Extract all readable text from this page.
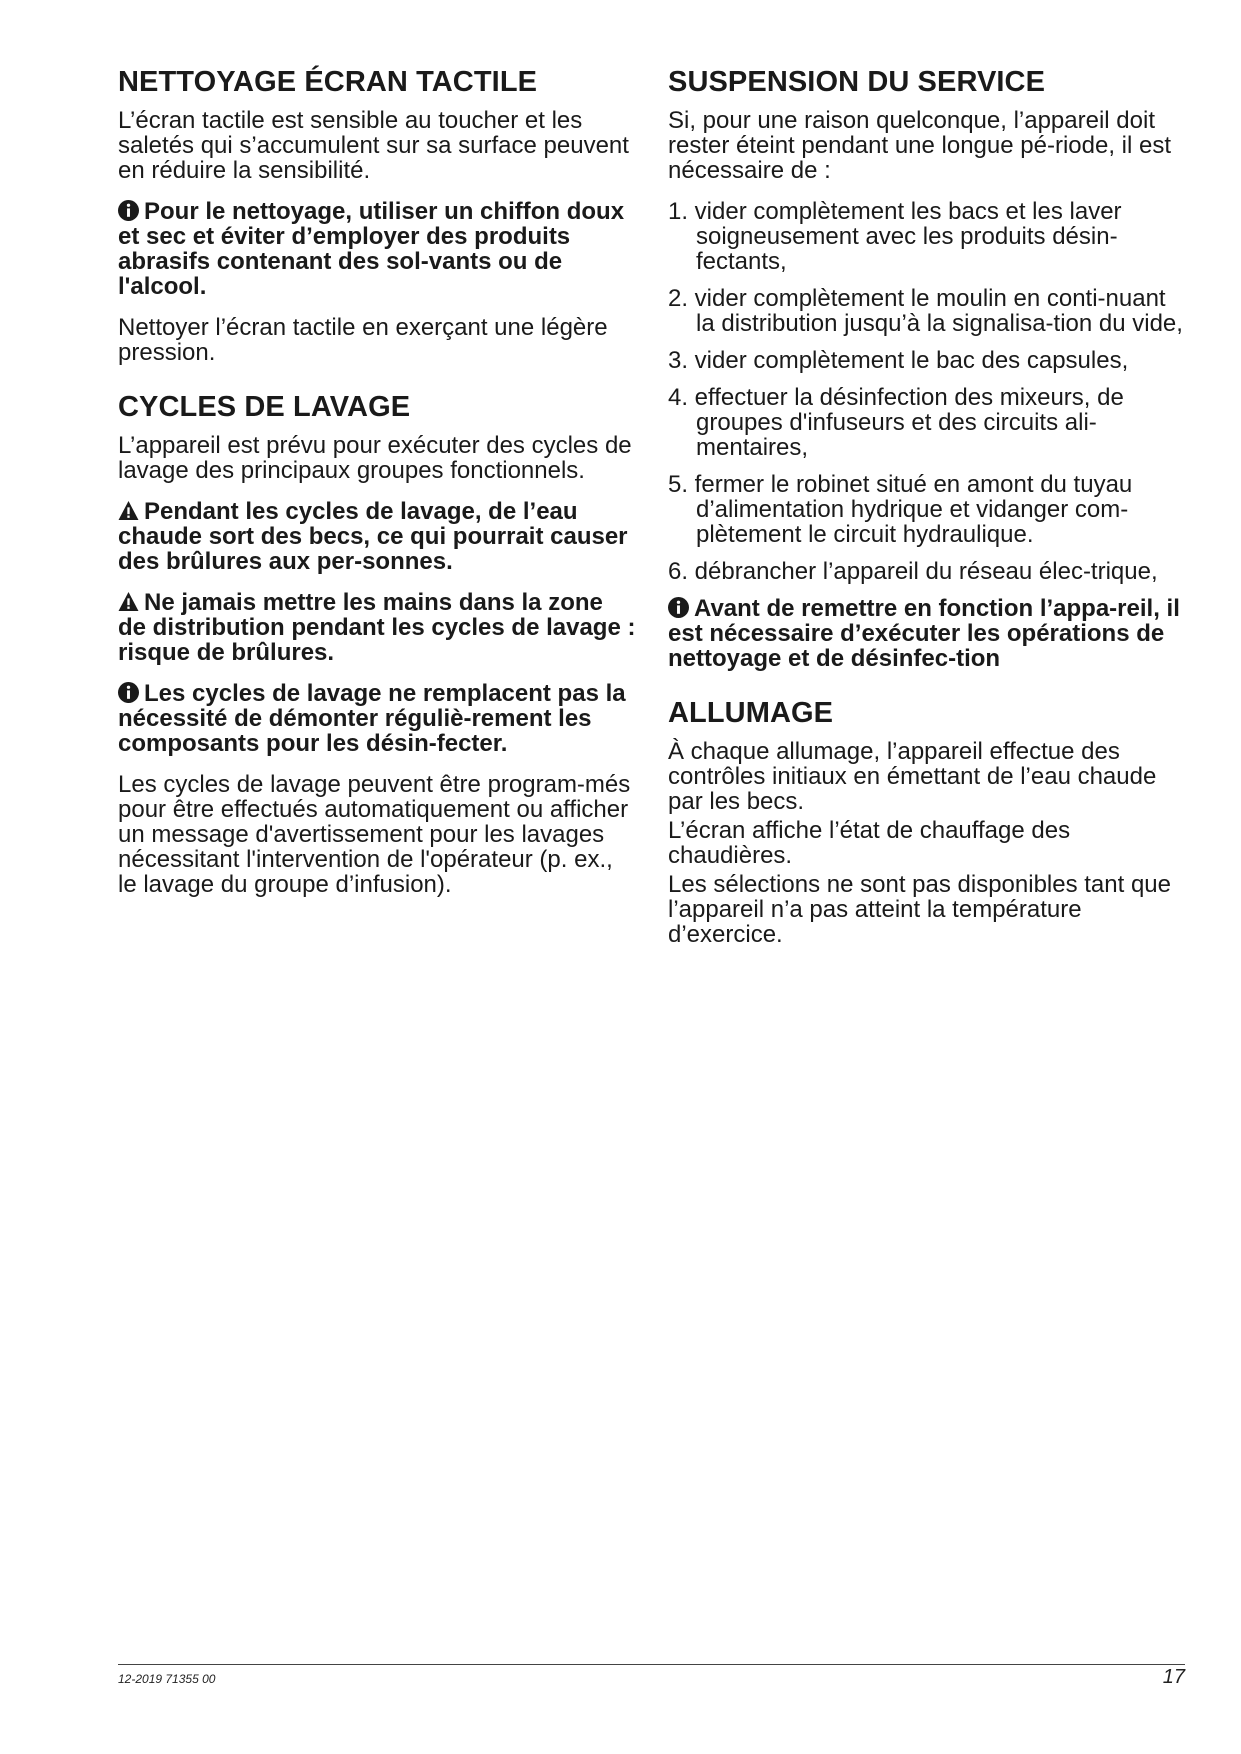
NETTOYAGE ÉCRAN TACTILE

L’écran tactile est sensible au toucher et les saletés qui s’accumulent sur sa surface peuvent en réduire la sensibilité.

Pour le nettoyage, utiliser un chiffon doux et sec et éviter d’employer des produits abrasifs contenant des sol-vants ou de l'alcool.

Nettoyer l’écran tactile en exerçant une légère pression.

CYCLES DE LAVAGE

L’appareil est prévu pour exécuter des cycles de lavage des principaux groupes fonctionnels.

Pendant les cycles de lavage, de l’eau chaude sort des becs, ce qui pourrait causer des brûlures aux per-sonnes.

Ne jamais mettre les mains dans la zone de distribution pendant les cycles de lavage : risque de brûlures.

Les cycles de lavage ne remplacent pas la nécessité de démonter réguliè-rement les composants pour les désin-fecter.

Les cycles de lavage peuvent être program-més pour être effectués automatiquement ou afficher un message d'avertissement pour les lavages nécessitant l'intervention de l'opérateur (p. ex., le lavage du groupe d’infusion).

SUSPENSION DU SERVICE

Si, pour une raison quelconque, l’appareil doit rester éteint pendant une longue pé-riode, il est nécessaire de :

1. vider complètement les bacs et les laver soigneusement avec les produits désin-fectants,
2. vider complètement le moulin en conti-nuant la distribution jusqu’à la signalisa-tion du vide,
3. vider complètement le bac des capsules,
4. effectuer la désinfection des mixeurs, de groupes d'infuseurs et des circuits ali-mentaires,
5. fermer le robinet situé en amont du tuyau d’alimentation hydrique et vidanger com-plètement le circuit hydraulique.
6. débrancher l’appareil du réseau élec-trique,

Avant de remettre en fonction l’appa-reil, il est nécessaire d’exécuter les opérations de nettoyage et de désinfec-tion

ALLUMAGE

À chaque allumage, l’appareil effectue des contrôles initiaux en émettant de l’eau chaude par les becs.

L’écran affiche l’état de chauffage des chaudières.

Les sélections ne sont pas disponibles tant que l’appareil n’a pas atteint la température d’exercice.

12-2019 71355 00	17
